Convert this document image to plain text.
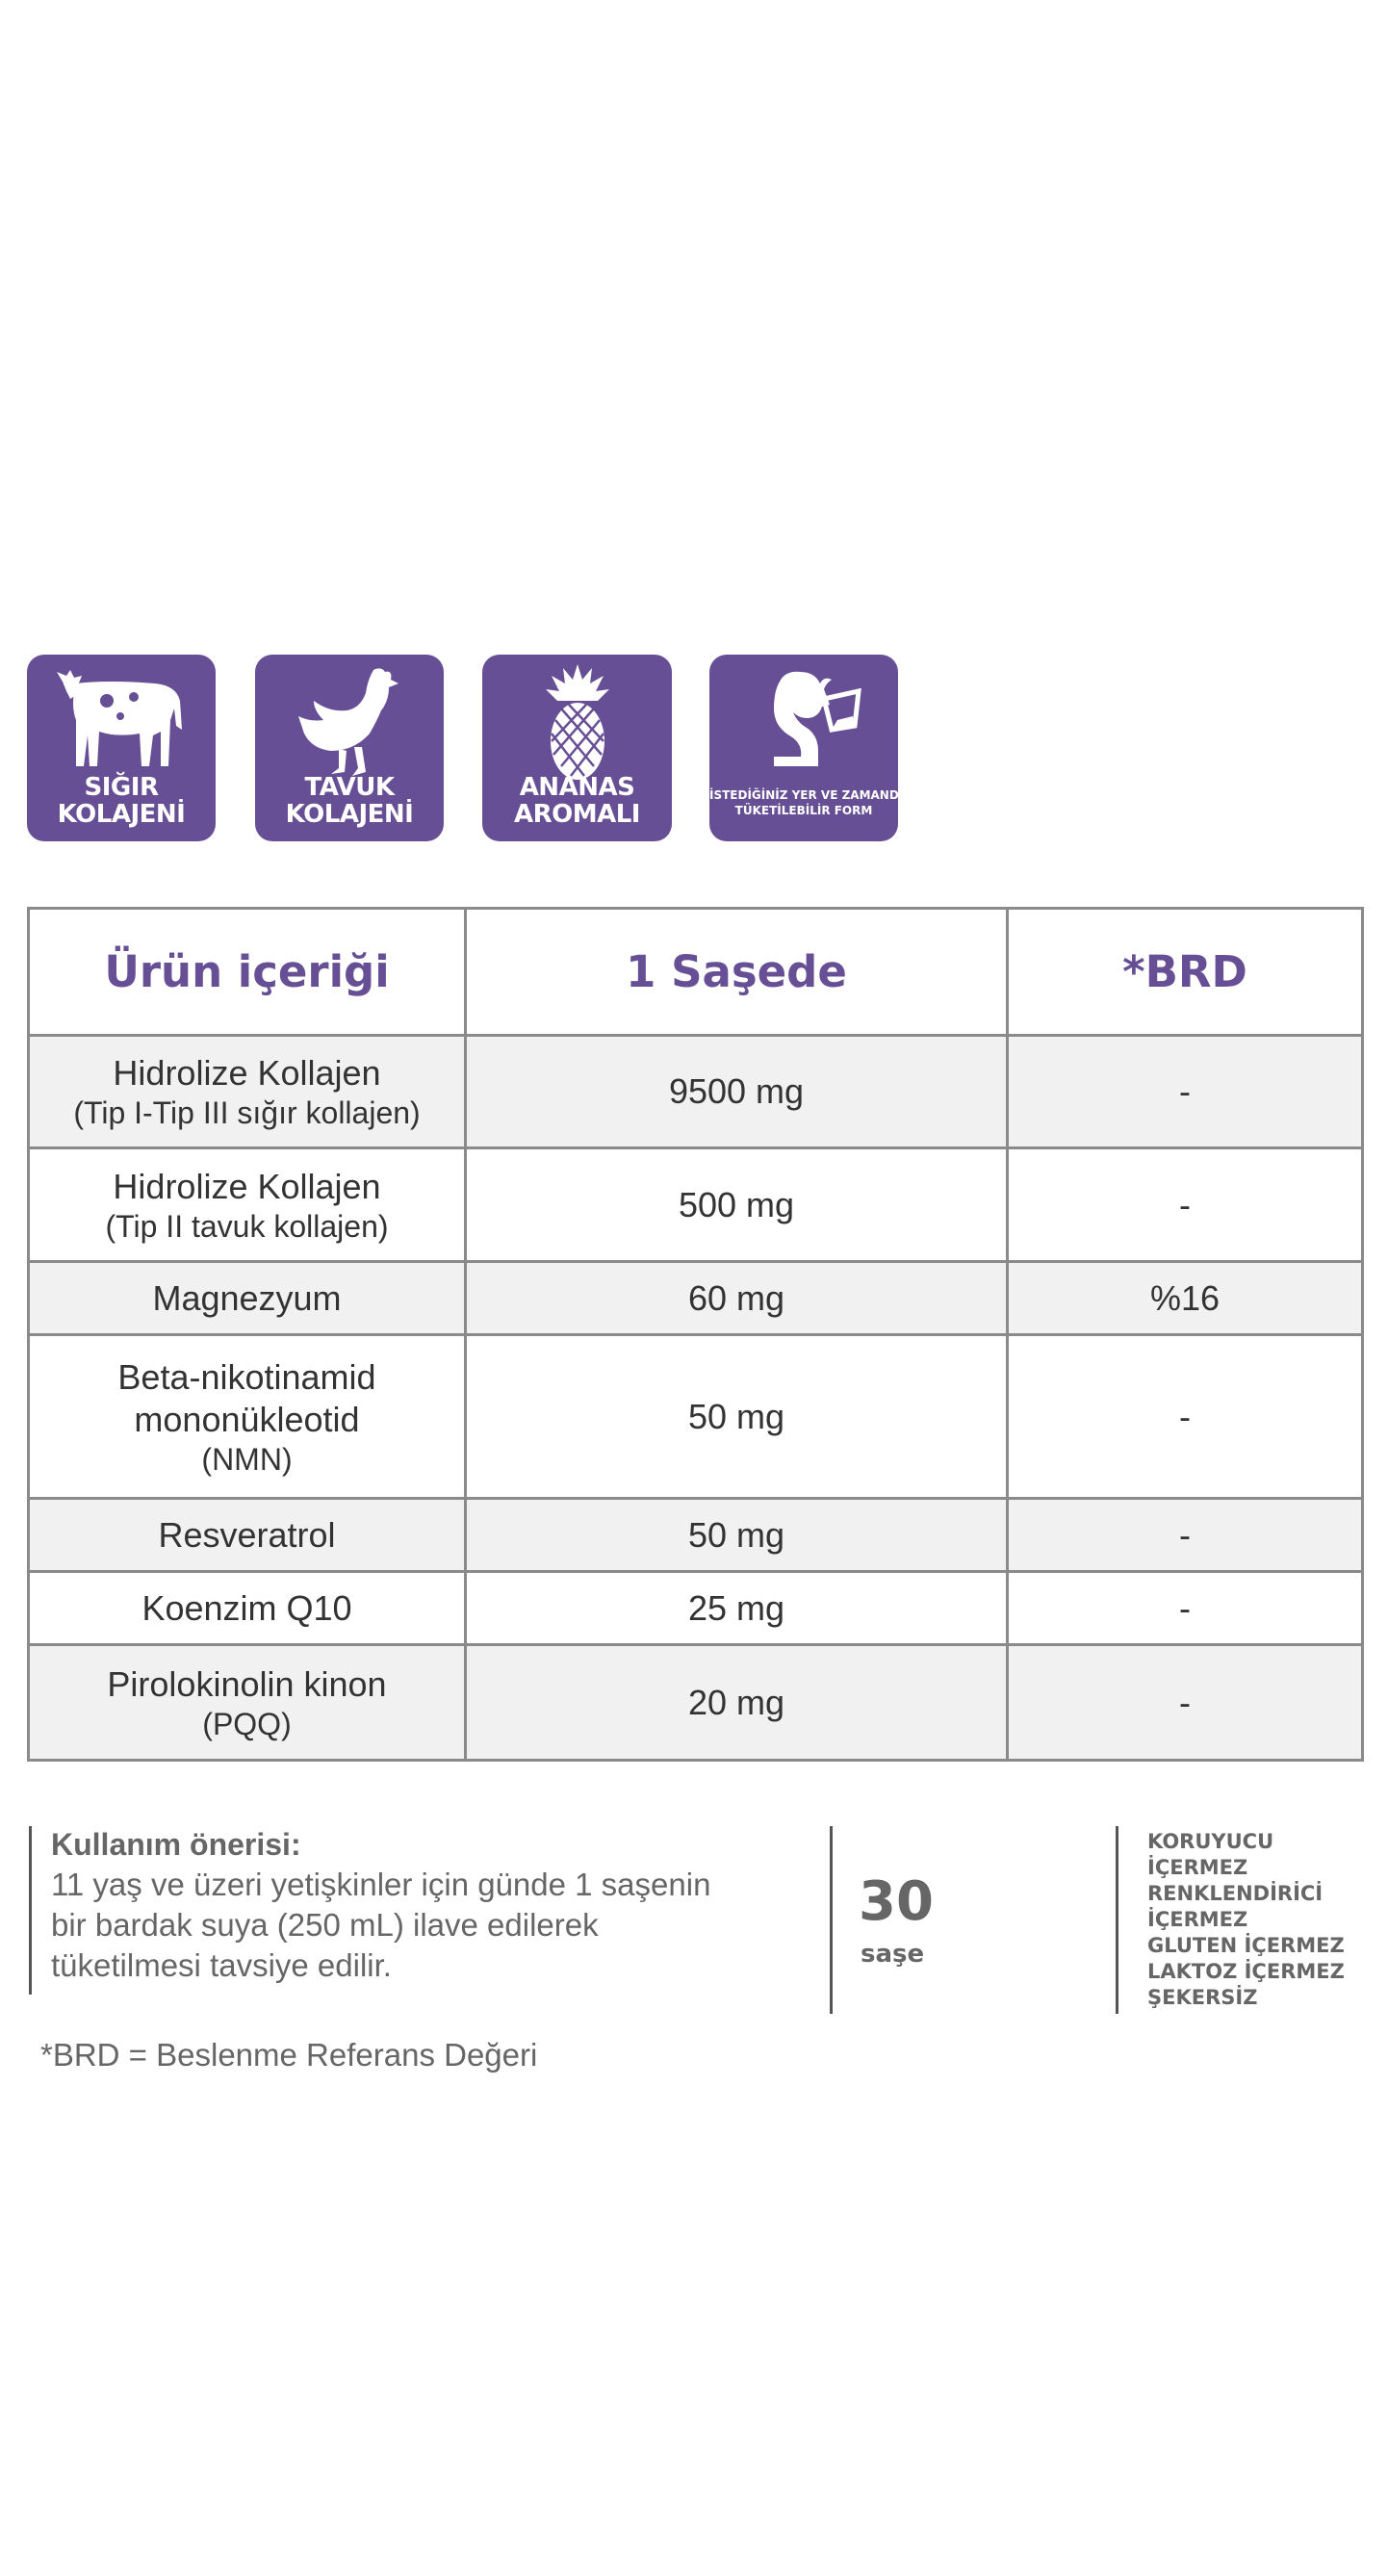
SIĞIR
KOLAJENİ
TAVUK
KOLAJENİ
ANANAS
AROMALI
İSTEDİĞİNİZ YER VE ZAMANDA
TÜKETİLEBİLİR FORM
Ürün içeriği	1 Saşede	*BRD

Hidrolize Kollajen
(Tip I-Tip III sığır kollajen)	9500 mg	-

Hidrolize Kollajen
(Tip II tavuk kollajen)	500 mg	-

Magnezyum	60 mg	%16

Beta-nikotinamid mononükleotid
(NMN)	50 mg	-

Resveratrol	50 mg	-

Koenzim Q10	25 mg	-

Pirolokinolin kinon
(PQQ)	20 mg	-
Kullanım önerisi:
11 yaş ve üzeri yetişkinler için günde 1 saşenin
bir bardak suya (250 mL) ilave edilerek
tüketilmesi tavsiye edilir.
30
saşe
KORUYUCU
İÇERMEZ
RENKLENDİRİCİ
İÇERMEZ
GLUTEN İÇERMEZ
LAKTOZ İÇERMEZ
ŞEKERSİZ
*BRD = Beslenme Referans Değeri
